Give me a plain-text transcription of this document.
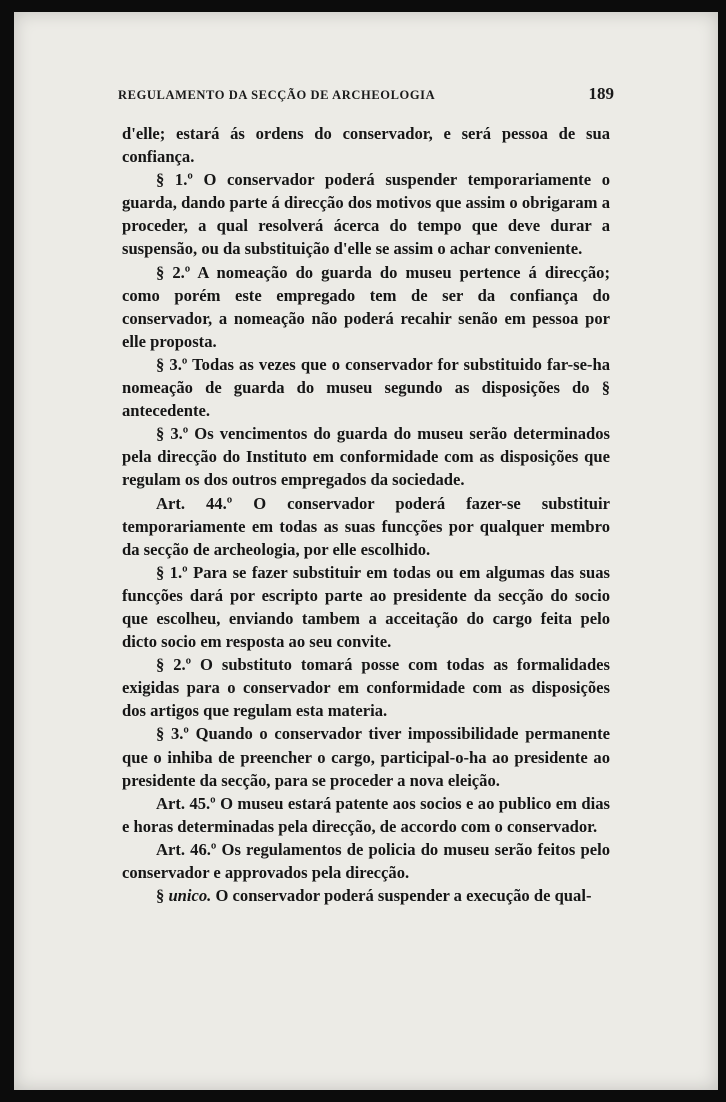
REGULAMENTO DA SECÇÃO DE ARCHEOLOGIA	189

d'elle; estará ás ordens do conservador, e será pessoa de sua confiança.

§ 1.º O conservador poderá suspender temporariamente o guarda, dando parte á direcção dos motivos que assim o obrigaram a proceder, a qual resolverá ácerca do tempo que deve durar a suspensão, ou da substituição d'elle se assim o achar conveniente.

§ 2.º A nomeação do guarda do museu pertence á direcção; como porém este empregado tem de ser da confiança do conservador, a nomeação não poderá recahir senão em pessoa por elle proposta.

§ 3.º Todas as vezes que o conservador for substituido far-se-ha nomeação de guarda do museu segundo as disposições do § antecedente.

§ 3.º Os vencimentos do guarda do museu serão determinados pela direcção do Instituto em conformidade com as disposições que regulam os dos outros empregados da sociedade.

Art. 44.º O conservador poderá fazer-se substituir temporariamente em todas as suas funcções por qualquer membro da secção de archeologia, por elle escolhido.

§ 1.º Para se fazer substituir em todas ou em algumas das suas funcções dará por escripto parte ao presidente da secção do socio que escolheu, enviando tambem a acceitação do cargo feita pelo dicto socio em resposta ao seu convite.

§ 2.º O substituto tomará posse com todas as formalidades exigidas para o conservador em conformidade com as disposições dos artigos que regulam esta materia.

§ 3.º Quando o conservador tiver impossibilidade permanente que o inhiba de preencher o cargo, participal-o-ha ao presidente ao presidente da secção, para se proceder a nova eleição.

Art. 45.º O museu estará patente aos socios e ao publico em dias e horas determinadas pela direcção, de accordo com o conservador.

Art. 46.º Os regulamentos de policia do museu serão feitos pelo conservador e approvados pela direcção.

§ unico. O conservador poderá suspender a execução de qual-
